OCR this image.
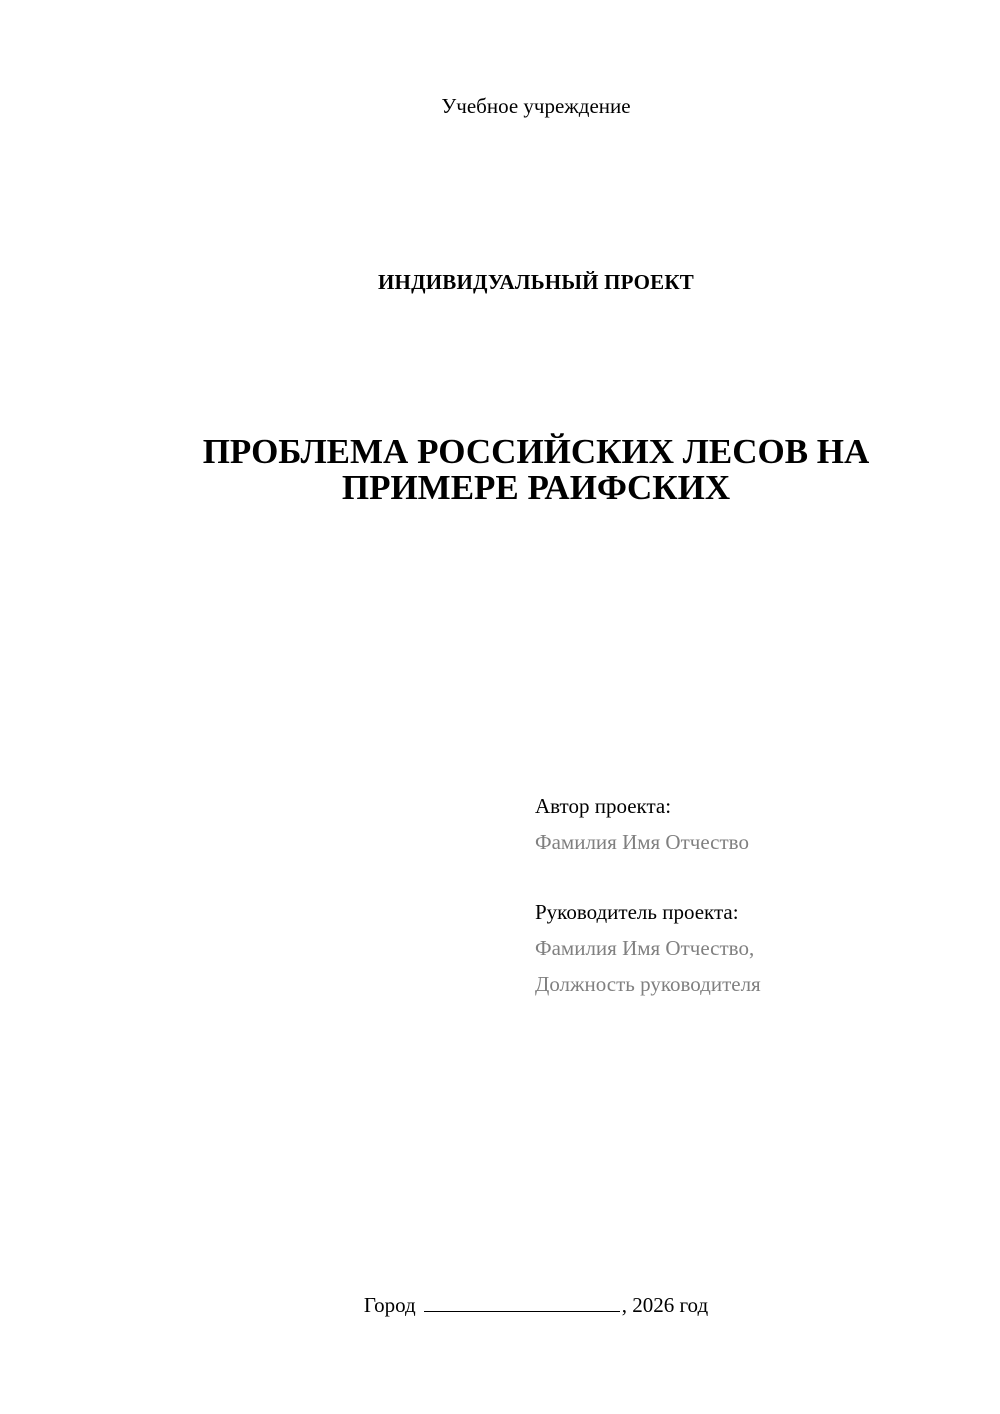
Учебное учреждение
ИНДИВИДУАЛЬНЫЙ ПРОЕКТ
ПРОБЛЕМА РОССИЙСКИХ ЛЕСОВ НА
ПРИМЕРЕ РАИФСКИХ
Автор проекта:
Фамилия Имя Отчество
Руководитель проекта:
Фамилия Имя Отчество,
Должность руководителя
Город	, 2026 год
